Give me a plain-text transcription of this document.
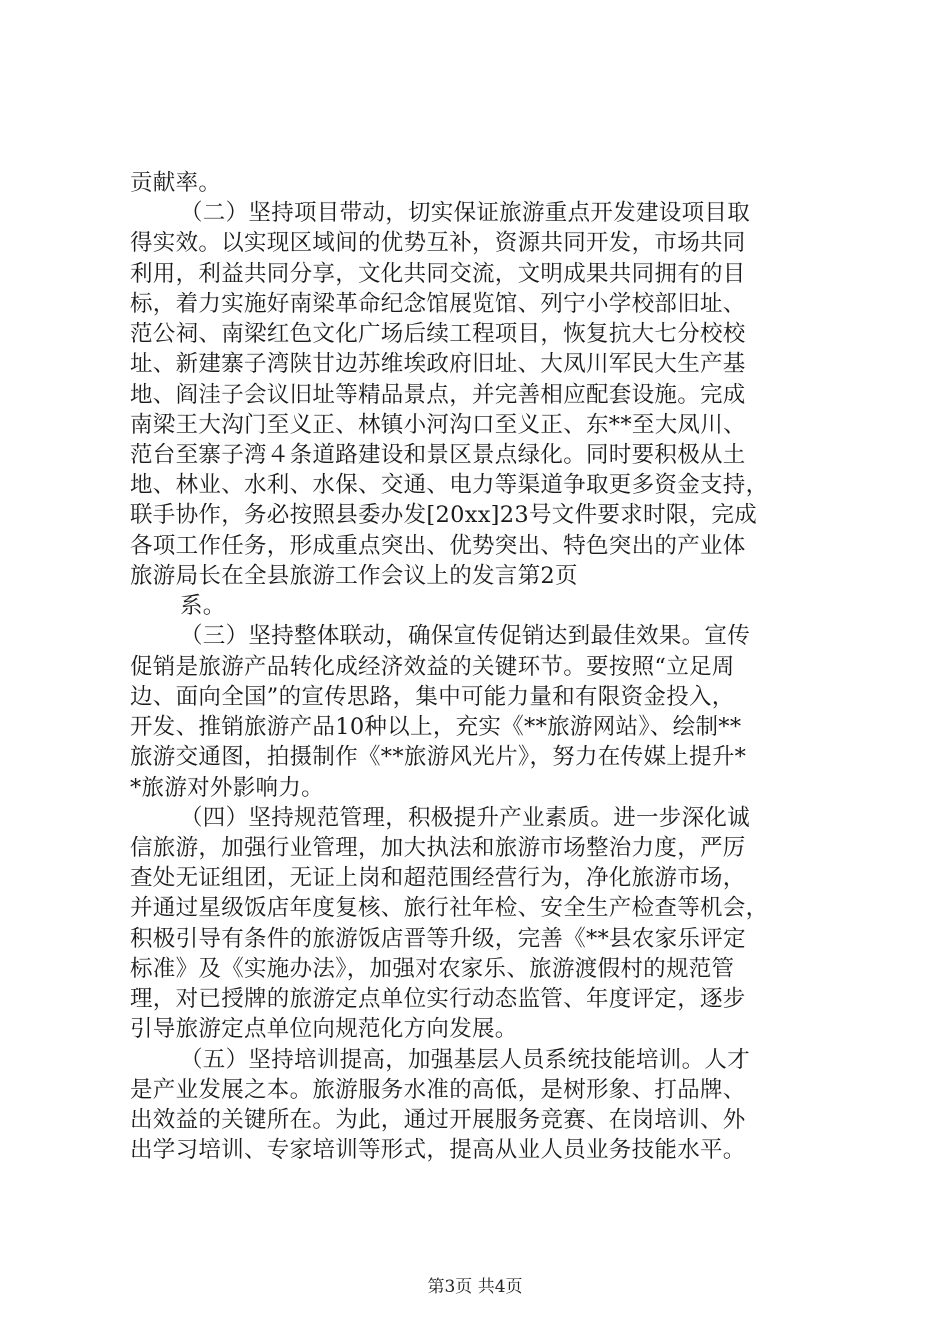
贡献率。
（二）坚持项目带动，切实保证旅游重点开发建设项目取
得实效。以实现区域间的优势互补，资源共同开发，市场共同
利用，利益共同分享，文化共同交流，文明成果共同拥有的目
标，着力实施好南梁革命纪念馆展览馆、列宁小学校部旧址、
范公祠、南梁红色文化广场后续工程项目，恢复抗大七分校校
址、新建寨子湾陕甘边苏维埃政府旧址、大凤川军民大生产基
地、阎洼子会议旧址等精品景点，并完善相应配套设施。完成
南梁王大沟门至义正、林镇小河沟口至义正、东**至大凤川、
范台至寨子湾４条道路建设和景区景点绿化。同时要积极从土
地、林业、水利、水保、交通、电力等渠道争取更多资金支持，
联手协作，务必按照县委办发[20xx]23号文件要求时限，完成
各项工作任务，形成重点突出、优势突出、特色突出的产业体
旅游局长在全县旅游工作会议上的发言第2页
系。
（三）坚持整体联动，确保宣传促销达到最佳效果。宣传
促销是旅游产品转化成经济效益的关键环节。要按照“立足周
边、面向全国”的宣传思路，集中可能力量和有限资金投入，
开发、推销旅游产品10种以上，充实《**旅游网站》、绘制**
旅游交通图，拍摄制作《**旅游风光片》，努力在传媒上提升*
*旅游对外影响力。
（四）坚持规范管理，积极提升产业素质。进一步深化诚
信旅游，加强行业管理，加大执法和旅游市场整治力度，严厉
查处无证组团，无证上岗和超范围经营行为，净化旅游市场，
并通过星级饭店年度复核、旅行社年检、安全生产检查等机会，
积极引导有条件的旅游饭店晋等升级，完善《**县农家乐评定
标准》及《实施办法》，加强对农家乐、旅游渡假村的规范管
理，对已授牌的旅游定点单位实行动态监管、年度评定，逐步
引导旅游定点单位向规范化方向发展。
（五）坚持培训提高，加强基层人员系统技能培训。人才
是产业发展之本。旅游服务水准的高低，是树形象、打品牌、
出效益的关键所在。为此，通过开展服务竞赛、在岗培训、外
出学习培训、专家培训等形式，提高从业人员业务技能水平。
第3页 共4页
